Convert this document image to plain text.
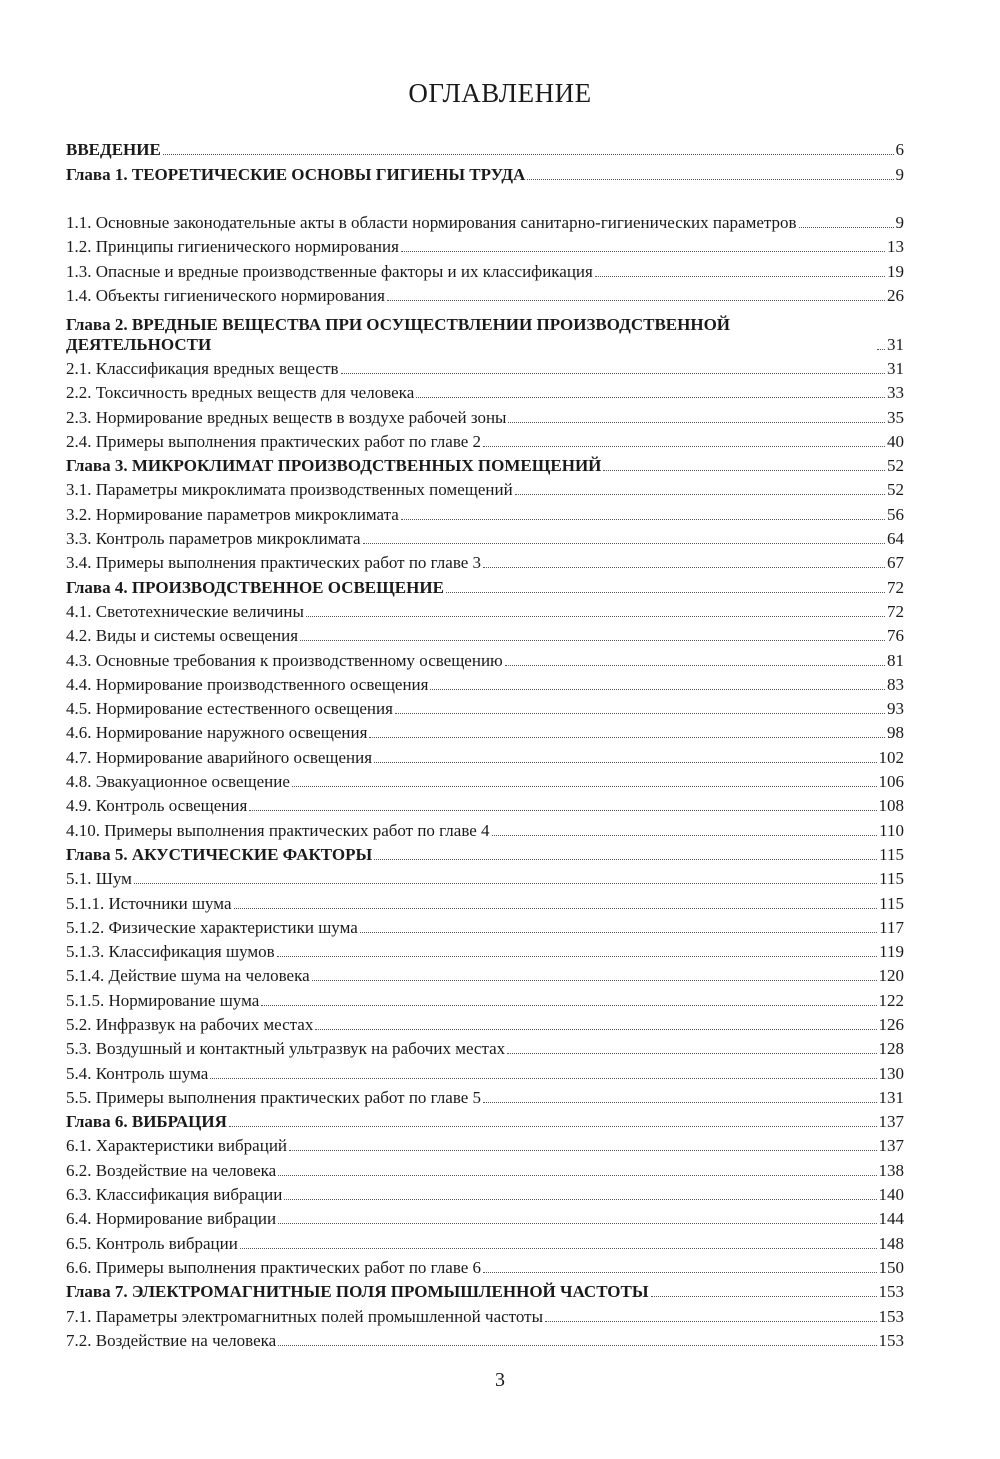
ОГЛАВЛЕНИЕ
ВВЕДЕНИЕ	6
Глава 1. ТЕОРЕТИЧЕСКИЕ ОСНОВЫ ГИГИЕНЫ ТРУДА	9
1.1. Основные законодательные акты в области нормирования санитарно-гигиенических параметров	9
1.2. Принципы гигиенического нормирования	13
1.3. Опасные и вредные производственные факторы и их классификация	19
1.4. Объекты гигиенического нормирования	26
Глава 2. ВРЕДНЫЕ ВЕЩЕСТВА ПРИ ОСУЩЕСТВЛЕНИИ ПРОИЗВОДСТВЕННОЙ ДЕЯТЕЛЬНОСТИ	31
2.1. Классификация вредных веществ	31
2.2. Токсичность вредных веществ для человека	33
2.3. Нормирование вредных веществ в воздухе рабочей зоны	35
2.4. Примеры выполнения практических работ по главе 2	40
Глава 3. МИКРОКЛИМАТ ПРОИЗВОДСТВЕННЫХ ПОМЕЩЕНИЙ	52
3.1. Параметры микроклимата производственных помещений	52
3.2. Нормирование параметров микроклимата	56
3.3. Контроль параметров микроклимата	64
3.4. Примеры выполнения практических работ по главе 3	67
Глава 4. ПРОИЗВОДСТВЕННОЕ ОСВЕЩЕНИЕ	72
4.1. Светотехнические величины	72
4.2. Виды и системы освещения	76
4.3. Основные требования к производственному освещению	81
4.4. Нормирование производственного освещения	83
4.5. Нормирование естественного освещения	93
4.6. Нормирование наружного освещения	98
4.7. Нормирование аварийного освещения	102
4.8. Эвакуационное освещение	106
4.9. Контроль освещения	108
4.10. Примеры выполнения практических работ по главе 4	110
Глава 5. АКУСТИЧЕСКИЕ ФАКТОРЫ	115
5.1. Шум	115
5.1.1. Источники шума	115
5.1.2. Физические характеристики шума	117
5.1.3. Классификация шумов	119
5.1.4. Действие шума на человека	120
5.1.5. Нормирование шума	122
5.2. Инфразвук на рабочих местах	126
5.3. Воздушный и контактный ультразвук на рабочих местах	128
5.4. Контроль шума	130
5.5. Примеры выполнения практических работ по главе 5	131
Глава 6. ВИБРАЦИЯ	137
6.1. Характеристики вибраций	137
6.2. Воздействие на человека	138
6.3. Классификация вибрации	140
6.4. Нормирование вибрации	144
6.5. Контроль вибрации	148
6.6. Примеры выполнения практических работ по главе 6	150
Глава 7. ЭЛЕКТРОМАГНИТНЫЕ ПОЛЯ ПРОМЫШЛЕННОЙ ЧАСТОТЫ	153
7.1. Параметры электромагнитных полей промышленной частоты	153
7.2. Воздействие на человека	153
3
